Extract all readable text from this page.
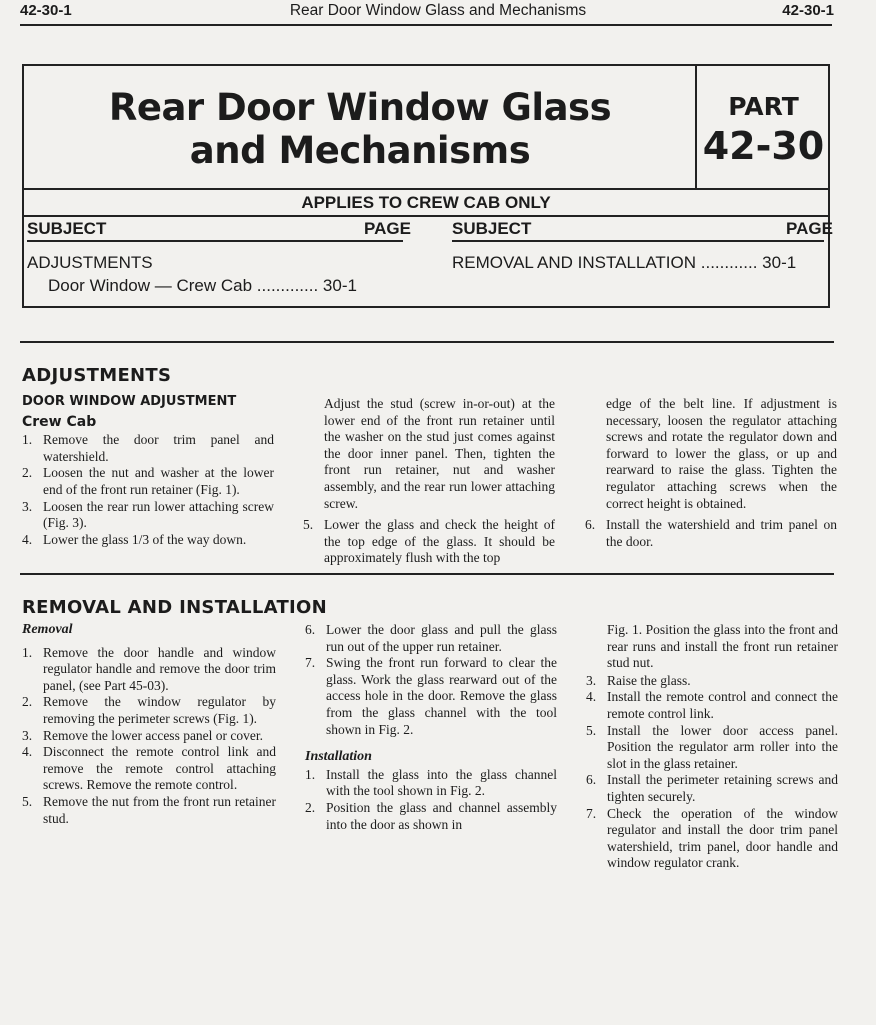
42-30-1	Rear Door Window Glass and Mechanisms	42-30-1
Rear Door Window Glass
and Mechanisms
PART
42-30
APPLIES TO CREW CAB ONLY
SUBJECT	PAGE SUBJECT	PAGE
ADJUSTMENTS
Door Window — Crew Cab ............. 30-1
REMOVAL AND INSTALLATION ............ 30-1
ADJUSTMENTS
DOOR WINDOW ADJUSTMENT
Crew Cab
1. Remove the door trim panel and watershield.
2. Loosen the nut and washer at the lower end of the front run retainer (Fig. 1).
3. Loosen the rear run lower attaching screw (Fig. 3).
4. Lower the glass 1/3 of the way down.

Adjust the stud (screw in-or-out) at the lower end of the front run retainer until the washer on the stud just comes against the door inner panel. Then, tighten the front run retainer, nut and washer assembly, and the rear run lower attaching screw.

5. Lower the glass and check the height of the top edge of the glass. It should be approximately flush with the top

edge of the belt line. If adjustment is necessary, loosen the regulator attaching screws and rotate the regulator down and forward to lower the glass, or up and rearward to raise the glass. Tighten the regulator attaching screws when the correct height is obtained.

6. Install the watershield and trim panel on the door.
REMOVAL AND INSTALLATION
Removal
1. Remove the door handle and window regulator handle and remove the door trim panel, (see Part 45-03).
2. Remove the window regulator by removing the perimeter screws (Fig. 1).
3. Remove the lower access panel or cover.
4. Disconnect the remote control link and remove the remote control attaching screws. Remove the remote control.
5. Remove the nut from the front run retainer stud.
6. Lower the door glass and pull the glass run out of the upper run retainer.
7. Swing the front run forward to clear the glass. Work the glass rearward out of the access hole in the door. Remove the glass from the glass channel with the tool shown in Fig. 2.
Installation
1. Install the glass into the glass channel with the tool shown in Fig. 2.
2. Position the glass and channel assembly into the door as shown in

Fig. 1. Position the glass into the front and rear runs and install the front run retainer stud nut.

3. Raise the glass.
4. Install the remote control and connect the remote control link.
5. Install the lower door access panel. Position the regulator arm roller into the slot in the glass retainer.
6. Install the perimeter retaining screws and tighten securely.
7. Check the operation of the window regulator and install the door trim panel watershield, trim panel, door handle and window regulator crank.
